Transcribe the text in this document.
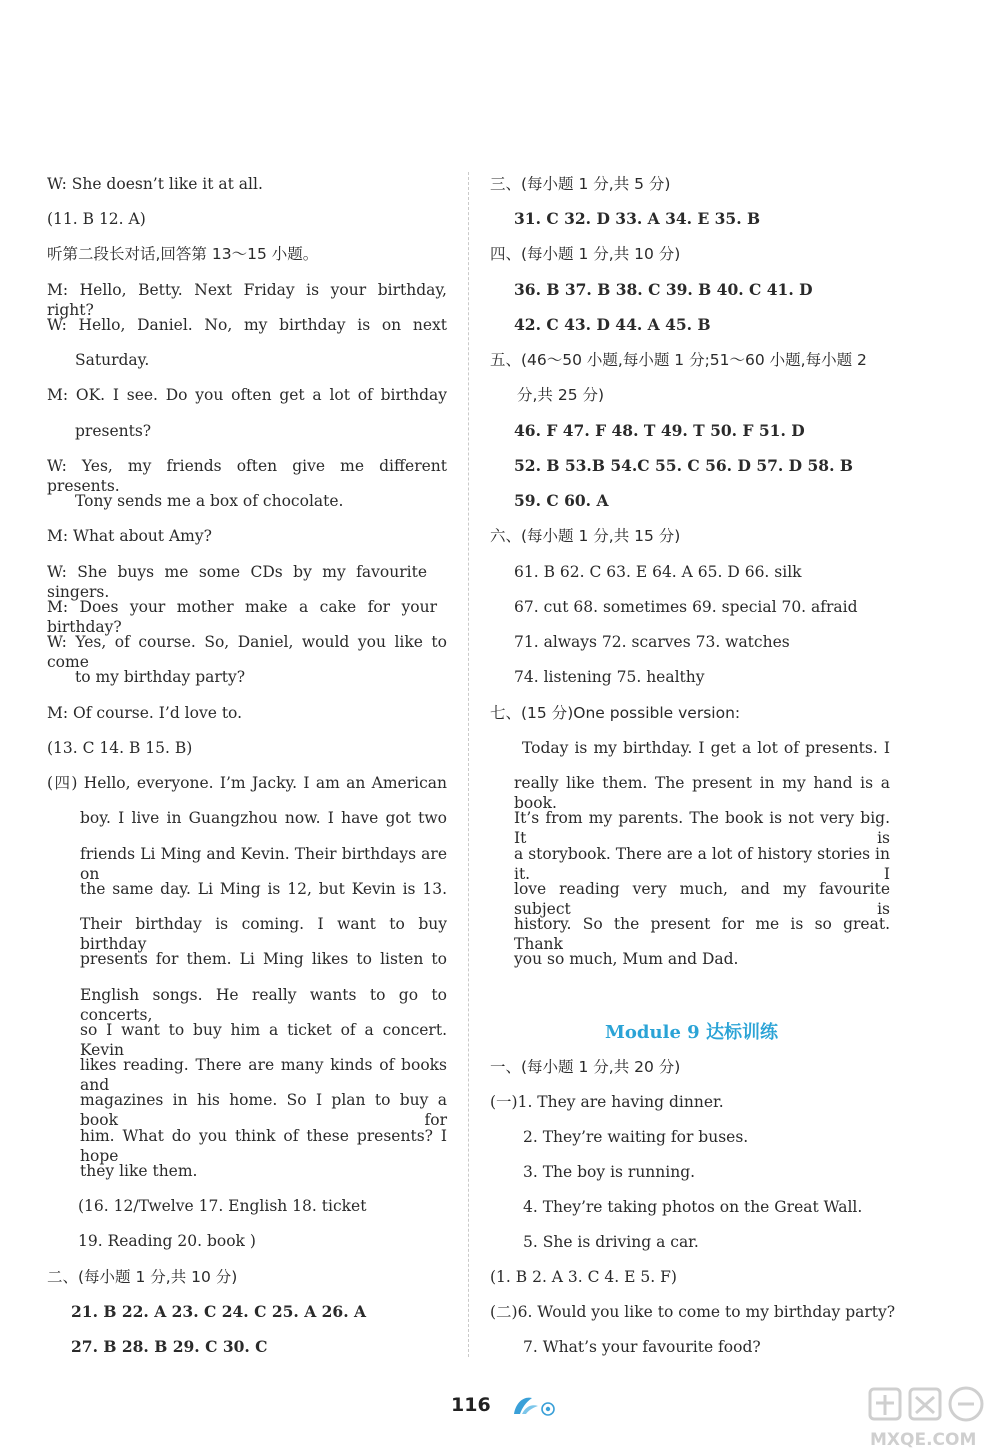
W: She doesn’t like it at all.
(11. B 12. A)
听第二段长对话,回答第 13～15 小题。
M: Hello, Betty. Next Friday is your birthday, right?
W: Hello, Daniel. No, my birthday is on next
Saturday.
M: OK. I see. Do you often get a lot of birthday
presents?
W: Yes, my friends often give me different presents.
Tony sends me a box of chocolate.
M: What about Amy?
W: She buys me some CDs by my favourite singers.
M: Does your mother make a cake for your birthday?
W: Yes, of course. So, Daniel, would you like to come
to my birthday party?
M: Of course. I’d love to.
(13. C 14. B 15. B)
(四) Hello, everyone. I’m Jacky. I am an American
boy. I live in Guangzhou now. I have got two
friends Li Ming and Kevin. Their birthdays are on
the same day. Li Ming is 12, but Kevin is 13.
Their birthday is coming. I want to buy birthday
presents for them. Li Ming likes to listen to
English songs. He really wants to go to concerts,
so I want to buy him a ticket of a concert. Kevin
likes reading. There are many kinds of books and
magazines in his home. So I plan to buy a book for
him. What do you think of these presents? I hope
they like them.
(16. 12/Twelve 17. English 18. ticket
19. Reading 20. book )
二、(每小题 1 分,共 10 分)
21. B 22. A 23. C 24. C 25. A 26. A
27. B 28. B 29. C 30. C
三、(每小题 1 分,共 5 分)
31. C 32. D 33. A 34. E 35. B
四、(每小题 1 分,共 10 分)
36. B 37. B 38. C 39. B 40. C 41. D
42. C 43. D 44. A 45. B
五、(46～50 小题,每小题 1 分;51～60 小题,每小题 2
分,共 25 分)
46. F 47. F 48. T 49. T 50. F 51. D
52. B 53.B 54.C 55. C 56. D 57. D 58. B
59. C 60. A
六、(每小题 1 分,共 15 分)
61. B 62. C 63. E 64. A 65. D 66. silk
67. cut 68. sometimes 69. special 70. afraid
71. always 72. scarves 73. watches
74. listening 75. healthy
七、(15 分)One possible version:
Today is my birthday. I get a lot of presents. I
really like them. The present in my hand is a book.
It’s from my parents. The book is not very big. It is
a storybook. There are a lot of history stories in it. I
love reading very much, and my favourite subject is
history. So the present for me is so great. Thank
you so much, Mum and Dad.
一、(每小题 1 分,共 20 分)
(一)1. They are having dinner.
2. They’re waiting for buses.
3. The boy is running.
4. They’re taking photos on the Great Wall.
5. She is driving a car.
(1. B 2. A 3. C 4. E 5. F)
(二)6. Would you like to come to my birthday party?
7. What’s your favourite food?
Module 9 达标训练
116
MXQE.COM
